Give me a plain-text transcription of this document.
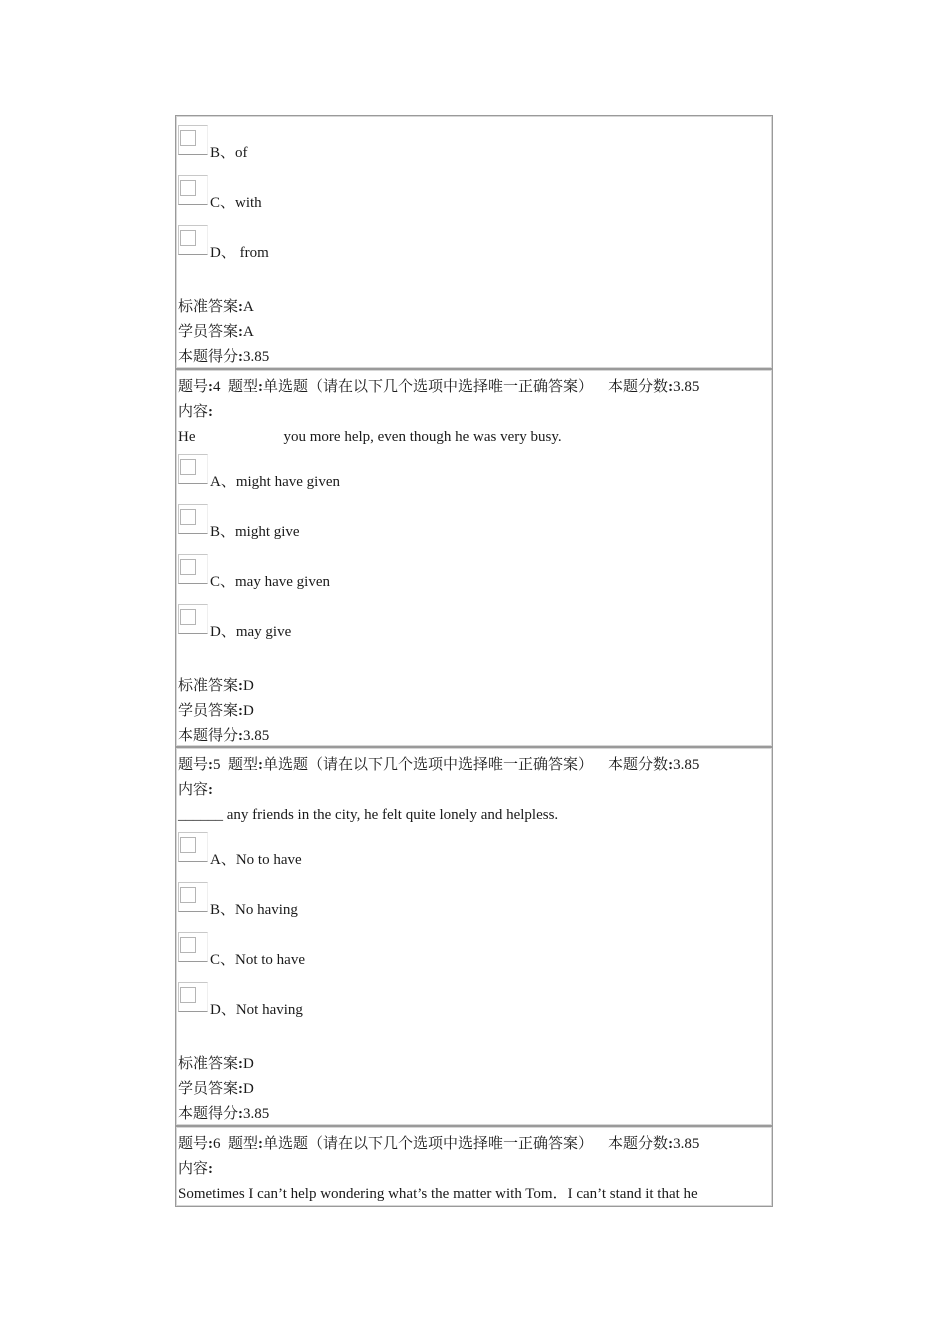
B、of
C、with
D、 from
标准答案:A
学员答案:A
本题得分:3.85
题号:4 题型:单选题（请在以下几个选项中选择唯一正确答案） 本题分数:3.85
内容:
He	you more help, even though he was very busy.
A、might have given
B、might give
C、may have given
D、may give
标准答案:D
学员答案:D
本题得分:3.85
题号:5 题型:单选题（请在以下几个选项中选择唯一正确答案） 本题分数:3.85
内容:
______ any friends in the city, he felt quite lonely and helpless.
A、No to have
B、No having
C、Not to have
D、Not having
标准答案:D
学员答案:D
本题得分:3.85
题号:6 题型:单选题（请在以下几个选项中选择唯一正确答案） 本题分数:3.85
内容:
Sometimes I can’t help wondering what’s the matter with Tom．I can’t stand it that he
